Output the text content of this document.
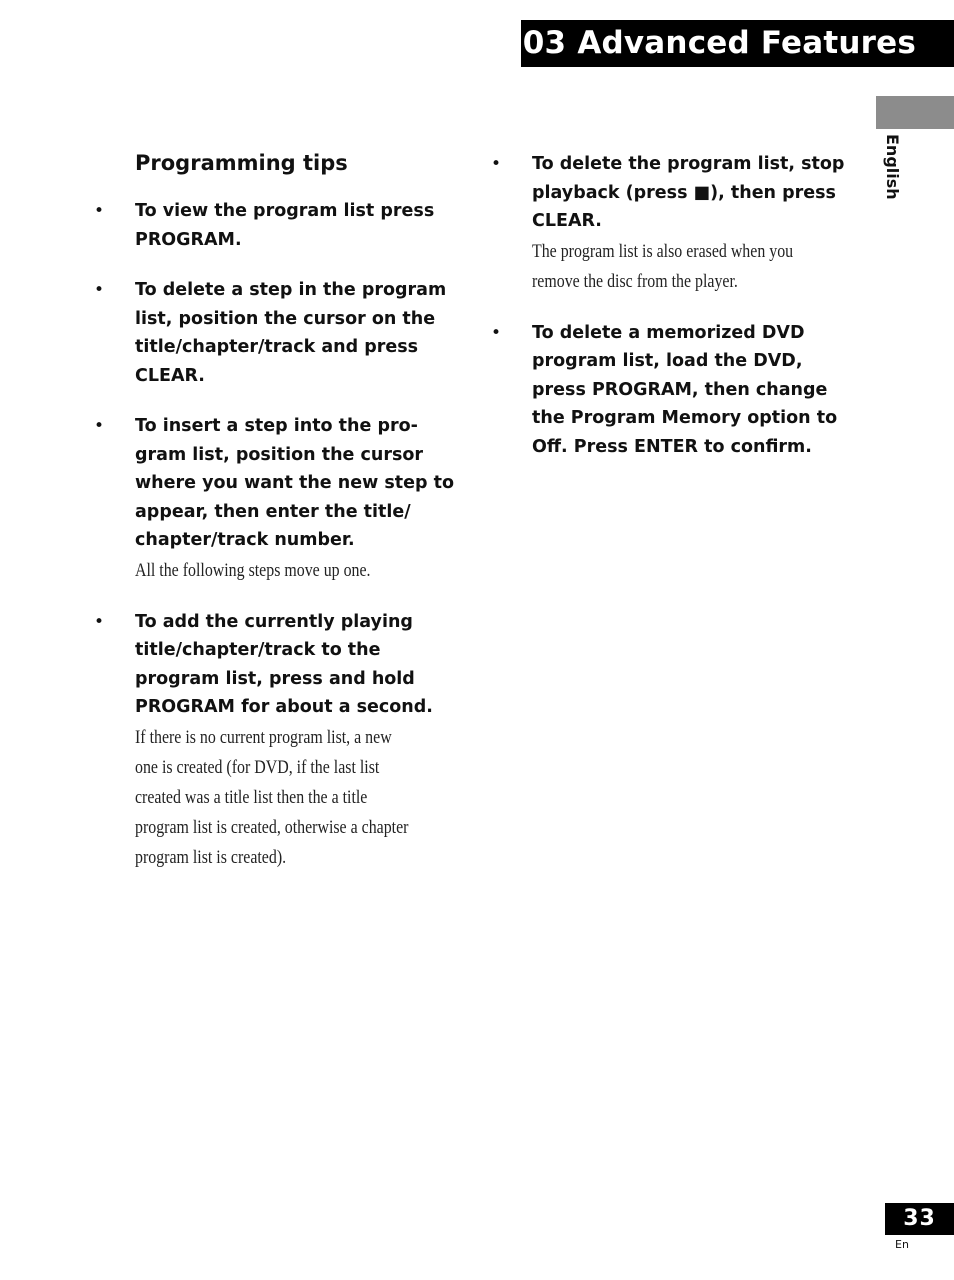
03 Advanced Features
English
Programming tips
• To view the program list press
PROGRAM.
• To delete a step in the program
list, position the cursor on the
title/chapter/track and press
CLEAR.
• To insert a step into the pro-
gram list, position the cursor
where you want the new step to
appear, then enter the title/
chapter/track number.
All the following steps move up one.
• To add the currently playing
title/chapter/track to the
program list, press and hold
PROGRAM for about a second.
If there is no current program list, a new
one is created (for DVD, if the last list
created was a title list then the a title
program list is created, otherwise a chapter
program list is created).
• To delete the program list, stop
playback (press ■), then press
CLEAR.
The program list is also erased when you
remove the disc from the player.
• To delete a memorized DVD
program list, load the DVD,
press PROGRAM, then change
the Program Memory option to
Off. Press ENTER to confirm.
33
En
